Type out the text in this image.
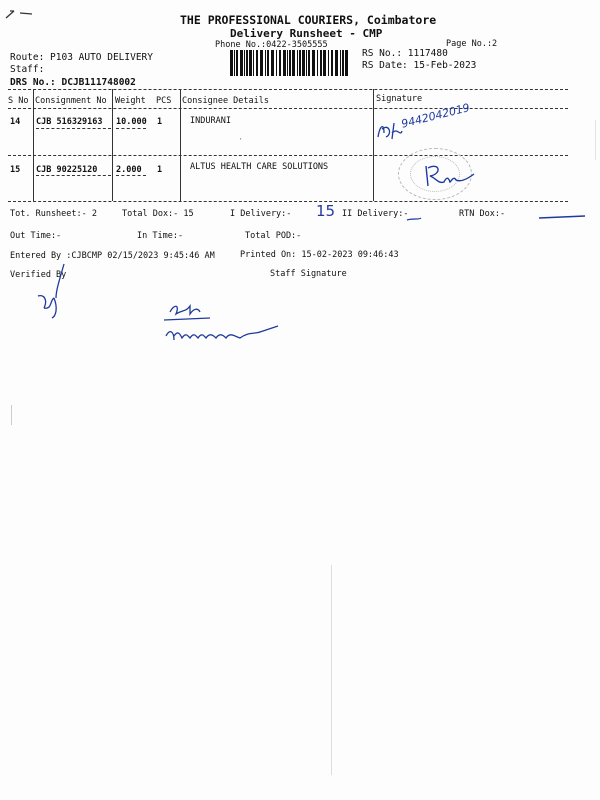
THE PROFESSIONAL COURIERS, Coimbatore
Delivery Runsheet - CMP
Phone No.:0422-3505555	Page No.:2
Route: P103 AUTO DELIVERY
Staff:
DRS No.: DCJB111748002
RS No.: 1117480
RS Date: 15-Feb-2023
S No Consignment No Weight PCS Consignee Details	Signature
14 CJB 516329163 10.000 1	INDURANI
15 CJB 90225120 2.000 1	ALTUS HEALTH CARE SOLUTIONS
·
9442042019
Tot. Runsheet:- 2	Total Dox:- 15	I Delivery:- 15 II Delivery:-	RTN Dox:-
Out Time:-	In Time:-	Total POD:-
Entered By :CJBCMP 02/15/2023 9:45:46 AM	Printed On: 15-02-2023 09:46:43
Verified By	Staff Signature
